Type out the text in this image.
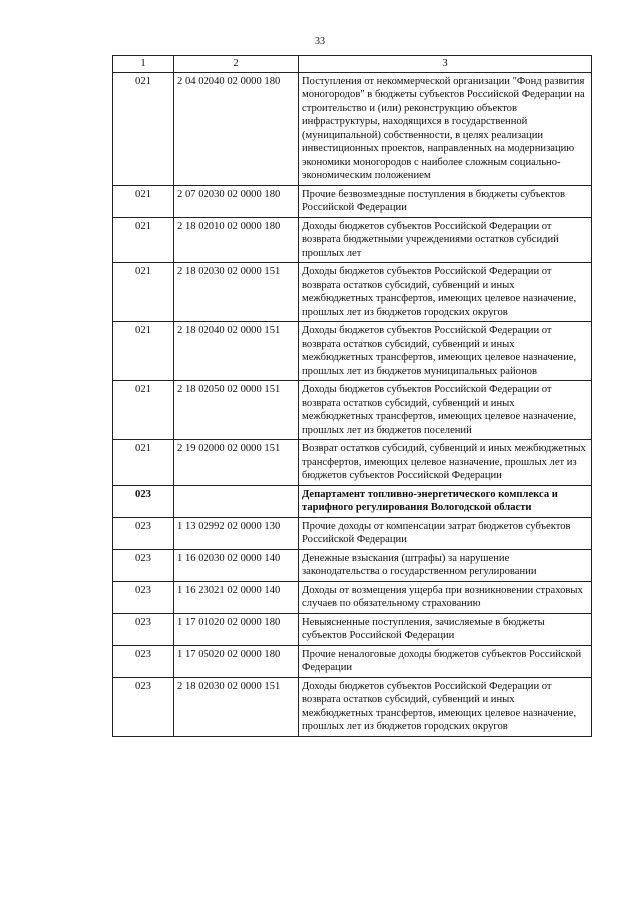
33
1	2	3
021	2 04 02040 02 0000 180	Поступления от некоммерческой организации "Фонд развития моногородов" в бюджеты субъектов Российской Федерации на строительство и (или) реконструкцию объектов инфраструктуры, находящихся в государственной (муниципальной) собственности, в целях реализации инвестиционных проектов, направленных на модернизацию экономики моногородов с наиболее сложным социально-экономическим положением
021	2 07 02030 02 0000 180	Прочие безвозмездные поступления в бюджеты субъектов Российской Федерации
021	2 18 02010 02 0000 180	Доходы бюджетов субъектов Российской Федерации от возврата бюджетными учреждениями остатков субсидий прошлых лет
021	2 18 02030 02 0000 151	Доходы бюджетов субъектов Российской Федерации от возврата остатков субсидий, субвенций и иных межбюджетных трансфертов, имеющих целевое назначение, прошлых лет из бюджетов городских округов
021	2 18 02040 02 0000 151	Доходы бюджетов субъектов Российской Федерации от возврата остатков субсидий, субвенций и иных межбюджетных трансфертов, имеющих целевое назначение, прошлых лет из бюджетов муниципальных районов
021	2 18 02050 02 0000 151	Доходы бюджетов субъектов Российской Федерации от возврата остатков субсидий, субвенций и иных межбюджетных трансфертов, имеющих целевое назначение, прошлых лет из бюджетов поселений
021	2 19 02000 02 0000 151	Возврат остатков субсидий, субвенций и иных межбюджетных трансфертов, имеющих целевое назначение, прошлых лет из бюджетов субъектов Российской Федерации
023		Департамент топливно-энергетического комплекса и тарифного регулирования Вологодской области
023	1 13 02992 02 0000 130	Прочие доходы от компенсации затрат бюджетов субъектов Российской Федерации
023	1 16 02030 02 0000 140	Денежные взыскания (штрафы) за нарушение законодательства о государственном регулировании
023	1 16 23021 02 0000 140	Доходы от возмещения ущерба при возникновении страховых случаев по обязательному страхованию
023	1 17 01020 02 0000 180	Невыясненные поступления, зачисляемые в бюджеты субъектов Российской Федерации
023	1 17 05020 02 0000 180	Прочие неналоговые доходы бюджетов субъектов Российской Федерации
023	2 18 02030 02 0000 151	Доходы бюджетов субъектов Российской Федерации от возврата остатков субсидий, субвенций и иных межбюджетных трансфертов, имеющих целевое назначение, прошлых лет из бюджетов городских округов
